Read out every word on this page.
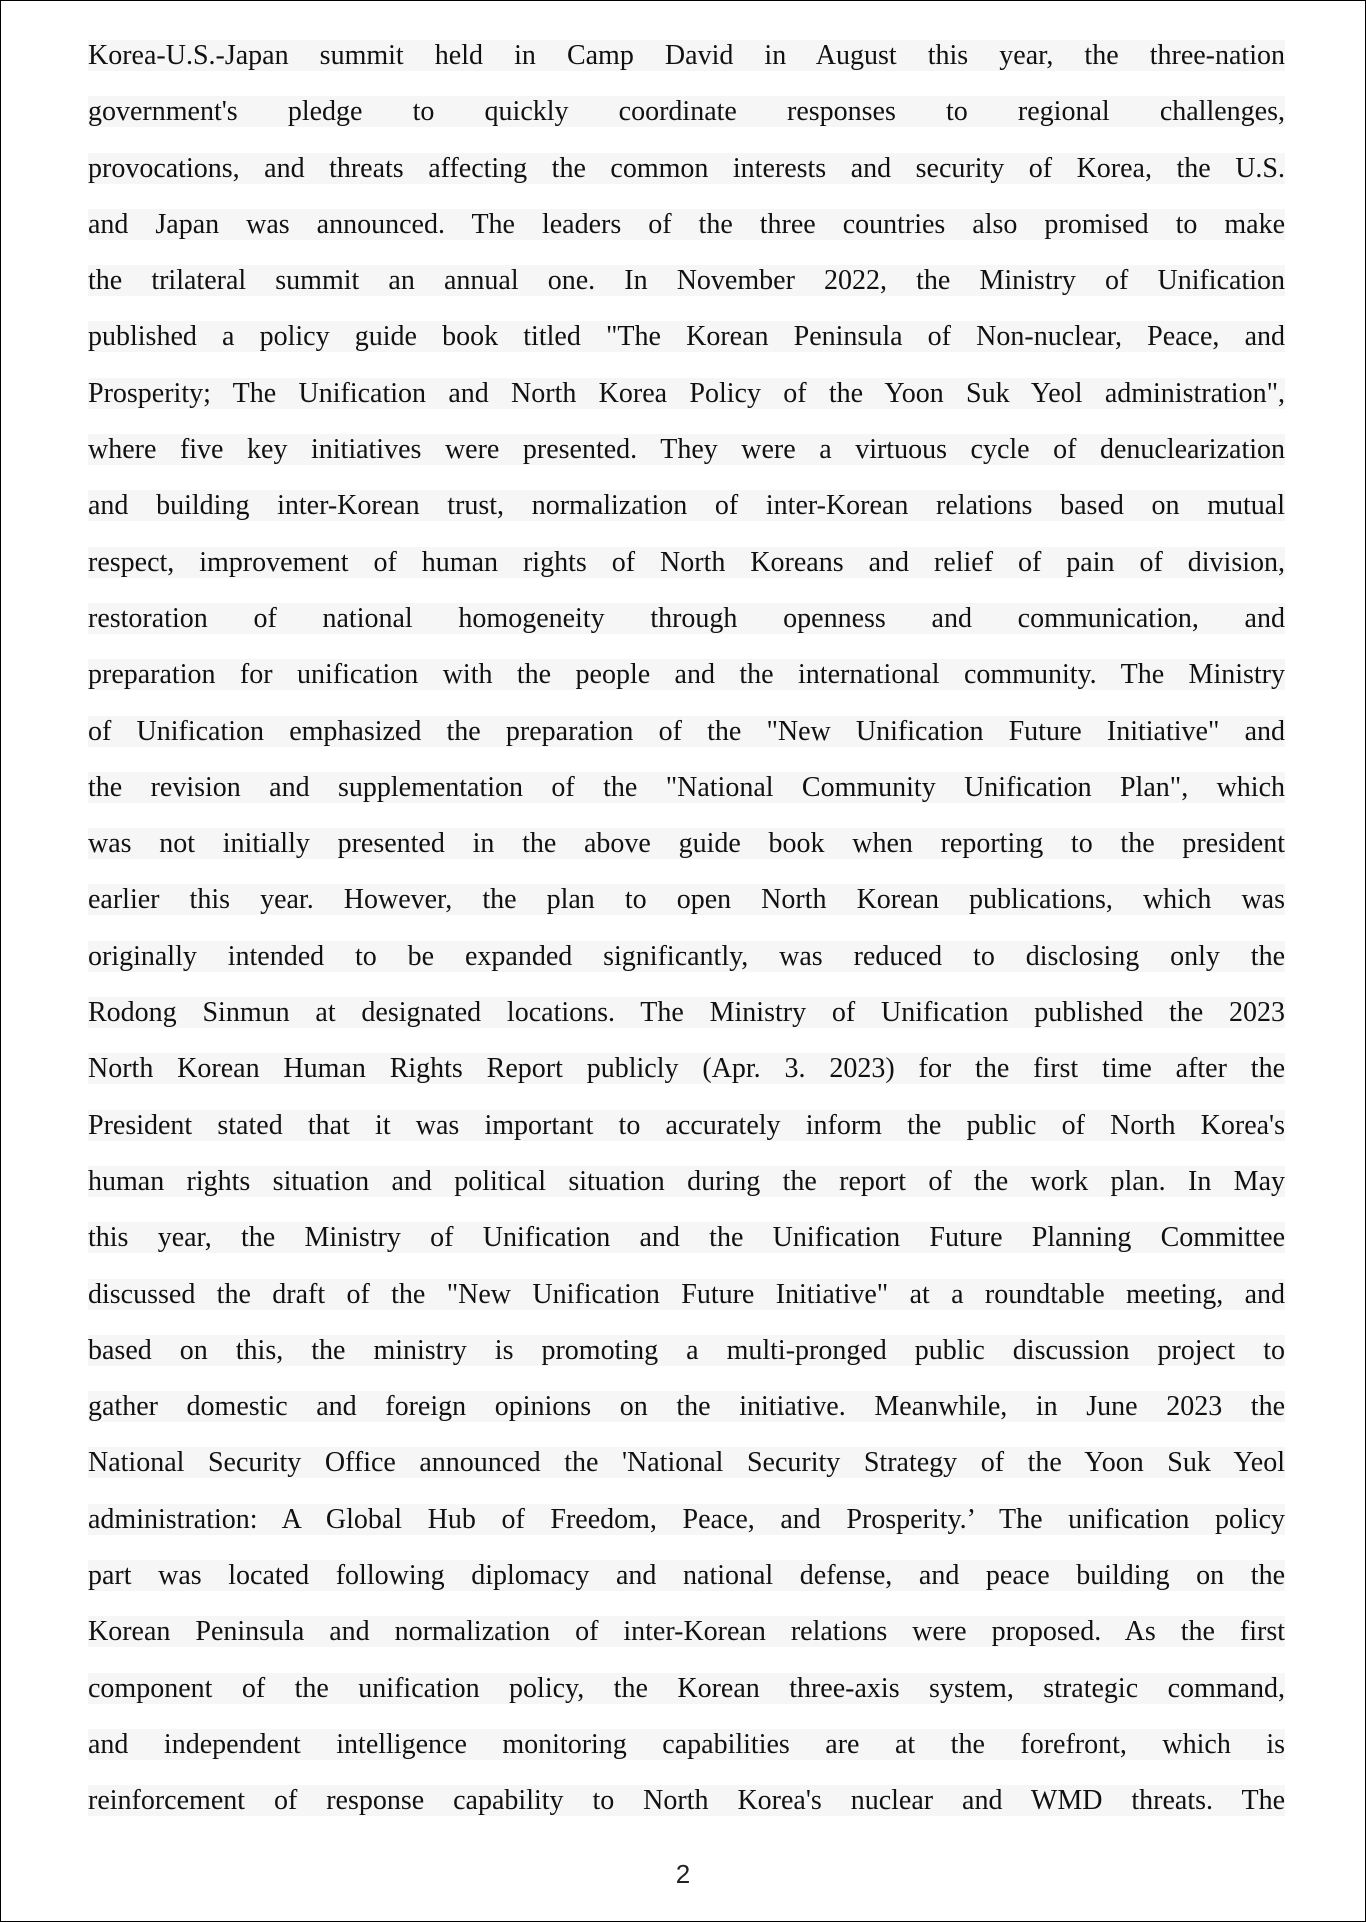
Korea-U.S.-Japan summit held in Camp David in August this year, the three-nation
government's pledge to quickly coordinate responses to regional challenges,
provocations, and threats affecting the common interests and security of Korea, the U.S.
and Japan was announced. The leaders of the three countries also promised to make
the trilateral summit an annual one. In November 2022, the Ministry of Unification
published a policy guide book titled "The Korean Peninsula of Non-nuclear, Peace, and
Prosperity; The Unification and North Korea Policy of the Yoon Suk Yeol administration",
where five key initiatives were presented. They were a virtuous cycle of denuclearization
and building inter-Korean trust, normalization of inter-Korean relations based on mutual
respect, improvement of human rights of North Koreans and relief of pain of division,
restoration of national homogeneity through openness and communication, and
preparation for unification with the people and the international community. The Ministry
of Unification emphasized the preparation of the "New Unification Future Initiative" and
the revision and supplementation of the "National Community Unification Plan", which
was not initially presented in the above guide book when reporting to the president
earlier this year. However, the plan to open North Korean publications, which was
originally intended to be expanded significantly, was reduced to disclosing only the
Rodong Sinmun at designated locations. The Ministry of Unification published the 2023
North Korean Human Rights Report publicly (Apr. 3. 2023) for the first time after the
President stated that it was important to accurately inform the public of North Korea's
human rights situation and political situation during the report of the work plan. In May
this year, the Ministry of Unification and the Unification Future Planning Committee
discussed the draft of the "New Unification Future Initiative" at a roundtable meeting, and
based on this, the ministry is promoting a multi-pronged public discussion project to
gather domestic and foreign opinions on the initiative. Meanwhile, in June 2023 the
National Security Office announced the 'National Security Strategy of the Yoon Suk Yeol
administration: A Global Hub of Freedom, Peace, and Prosperity.’ The unification policy
part was located following diplomacy and national defense, and peace building on the
Korean Peninsula and normalization of inter-Korean relations were proposed. As the first
component of the unification policy, the Korean three-axis system, strategic command,
and independent intelligence monitoring capabilities are at the forefront, which is
reinforcement of response capability to North Korea's nuclear and WMD threats. The
2
